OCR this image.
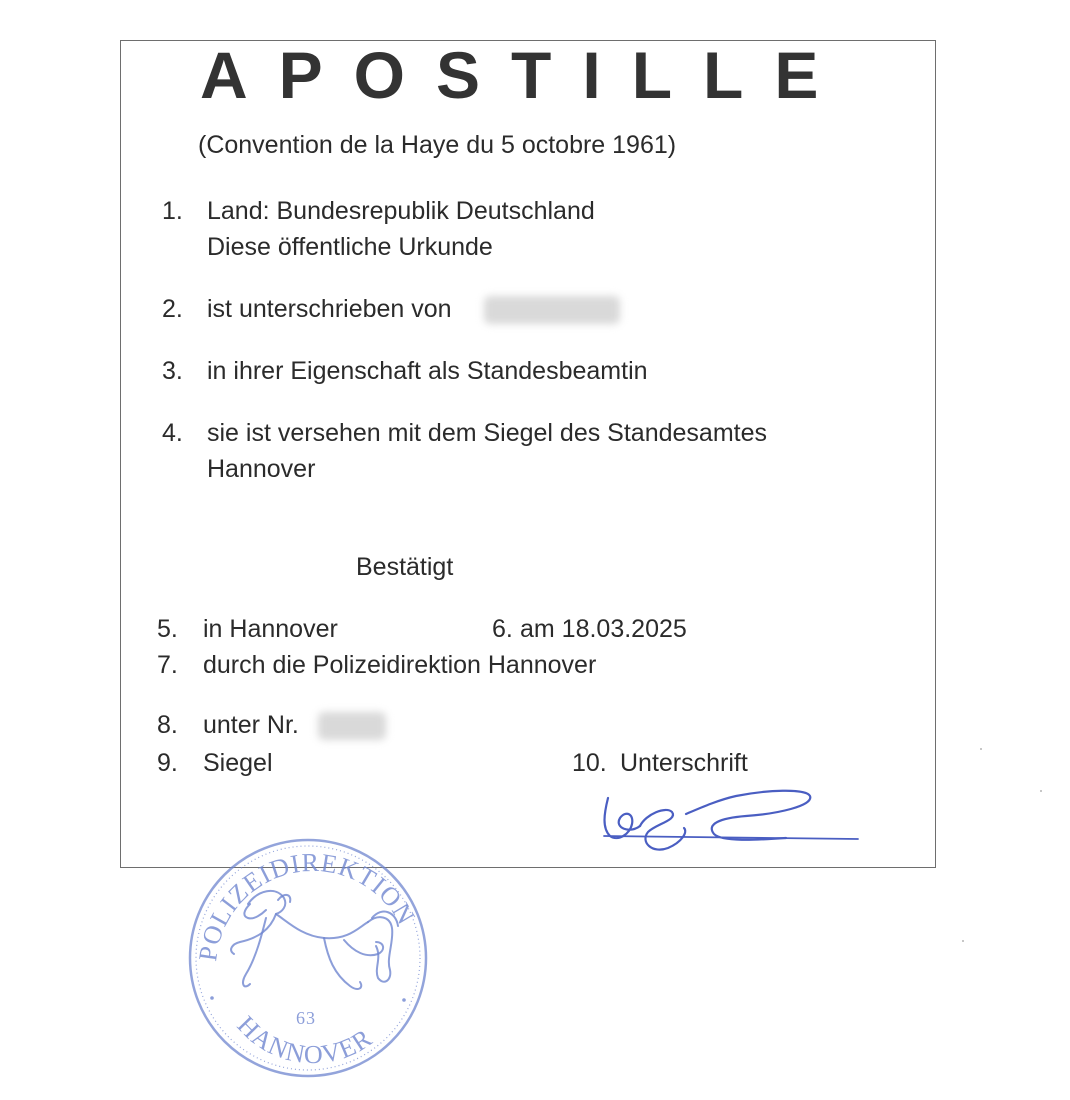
APOSTILLE
(Convention de la Haye du 5 octobre 1961)
1. Land: Bundesrepublik Deutschland
Diese öffentliche Urkunde
2. ist unterschrieben von
3. in ihrer Eigenschaft als Standesbeamtin
4. sie ist versehen mit dem Siegel des Standesamtes
Hannover
Bestätigt
5. in Hannover	6. am 18.03.2025
7. durch die Polizeidirektion Hannover
8. unter Nr.
9. Siegel	10. Unterschrift
POLIZEIDIREKTION
HANNOVER
63
